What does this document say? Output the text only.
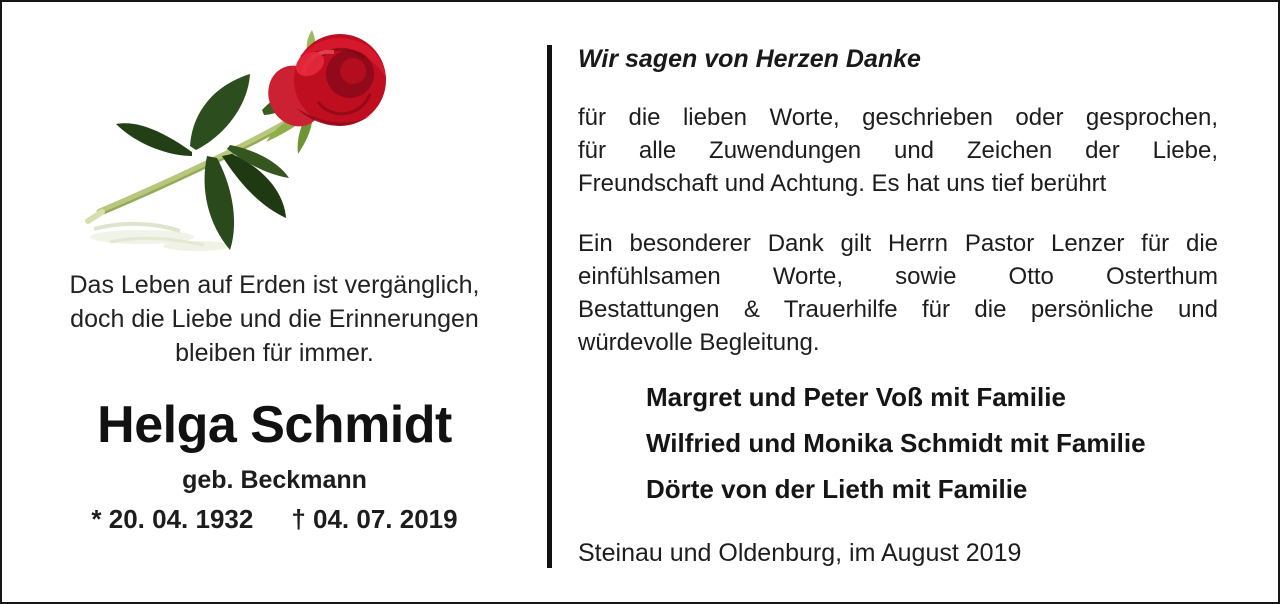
Das Leben auf Erden ist vergänglich,
doch die Liebe und die Erinnerungen
bleiben für immer.
Helga Schmidt
geb. Beckmann
* 20. 04. 1932 † 04. 07. 2019
Wir sagen von Herzen Danke
für die lieben Worte, geschrieben oder gesprochen,
für alle Zuwendungen und Zeichen der Liebe,
Freundschaft und Achtung. Es hat uns tief berührt
Ein besonderer Dank gilt Herrn Pastor Lenzer für die
einfühlsamen Worte, sowie Otto Osterthum
Bestattungen & Trauerhilfe für die persönliche und
würdevolle Begleitung.
Margret und Peter Voß mit Familie
Wilfried und Monika Schmidt mit Familie
Dörte von der Lieth mit Familie
Steinau und Oldenburg, im August 2019
